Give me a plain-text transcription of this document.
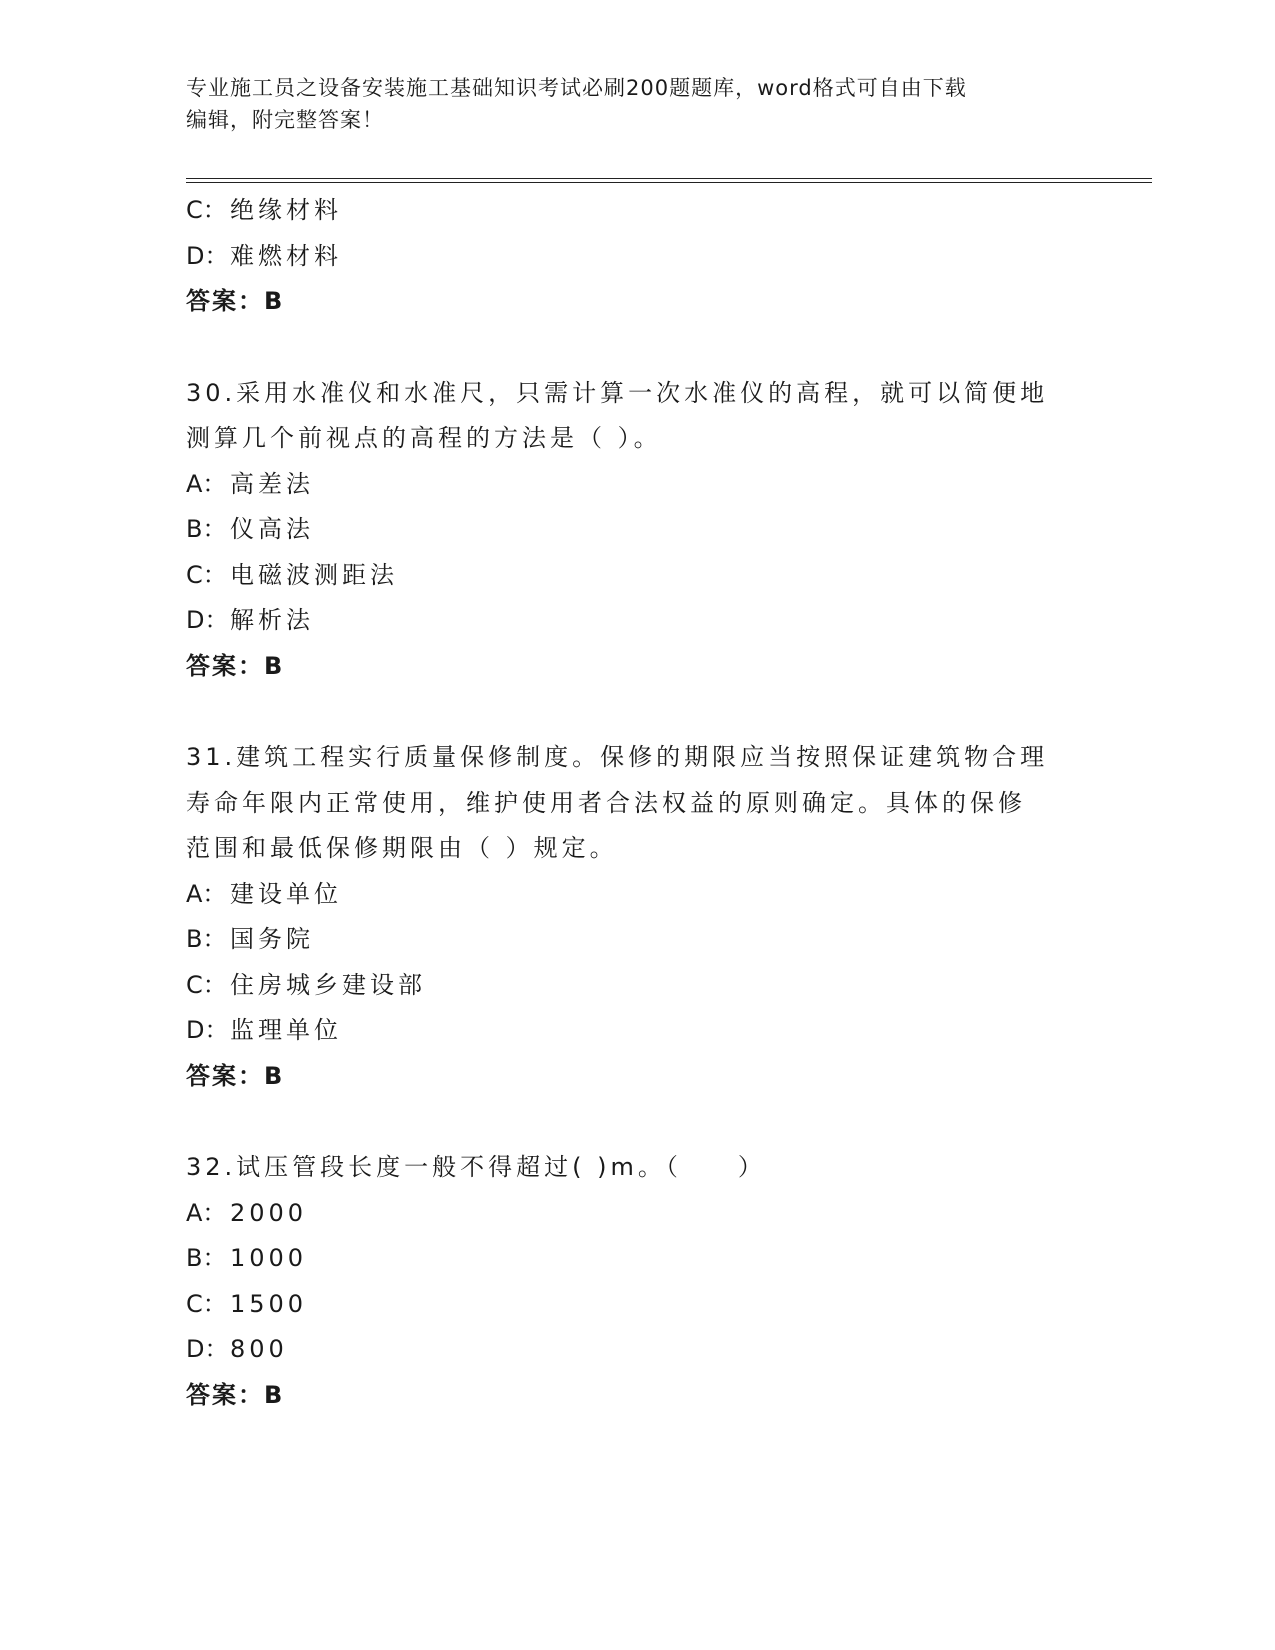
专业施工员之设备安装施工基础知识考试必刷200题题库，word格式可自由下载
编辑，附完整答案！
C： 绝缘材料
D： 难燃材料
答案：B
30.采用水准仪和水准尺，只需计算一次水准仪的高程，就可以简便地
测算几个前视点的高程的方法是（ ）。
A： 高差法
B： 仪高法
C： 电磁波测距法
D： 解析法
答案：B
31.建筑工程实行质量保修制度。保修的期限应当按照保证建筑物合理
寿命年限内正常使用，维护使用者合法权益的原则确定。具体的保修
范围和最低保修期限由（ ）规定。
A： 建设单位
B： 国务院
C： 住房城乡建设部
D： 监理单位
答案：B
32.试压管段长度一般不得超过( )m。（　　）
A： 2000
B： 1000
C： 1500
D： 800
答案：B
